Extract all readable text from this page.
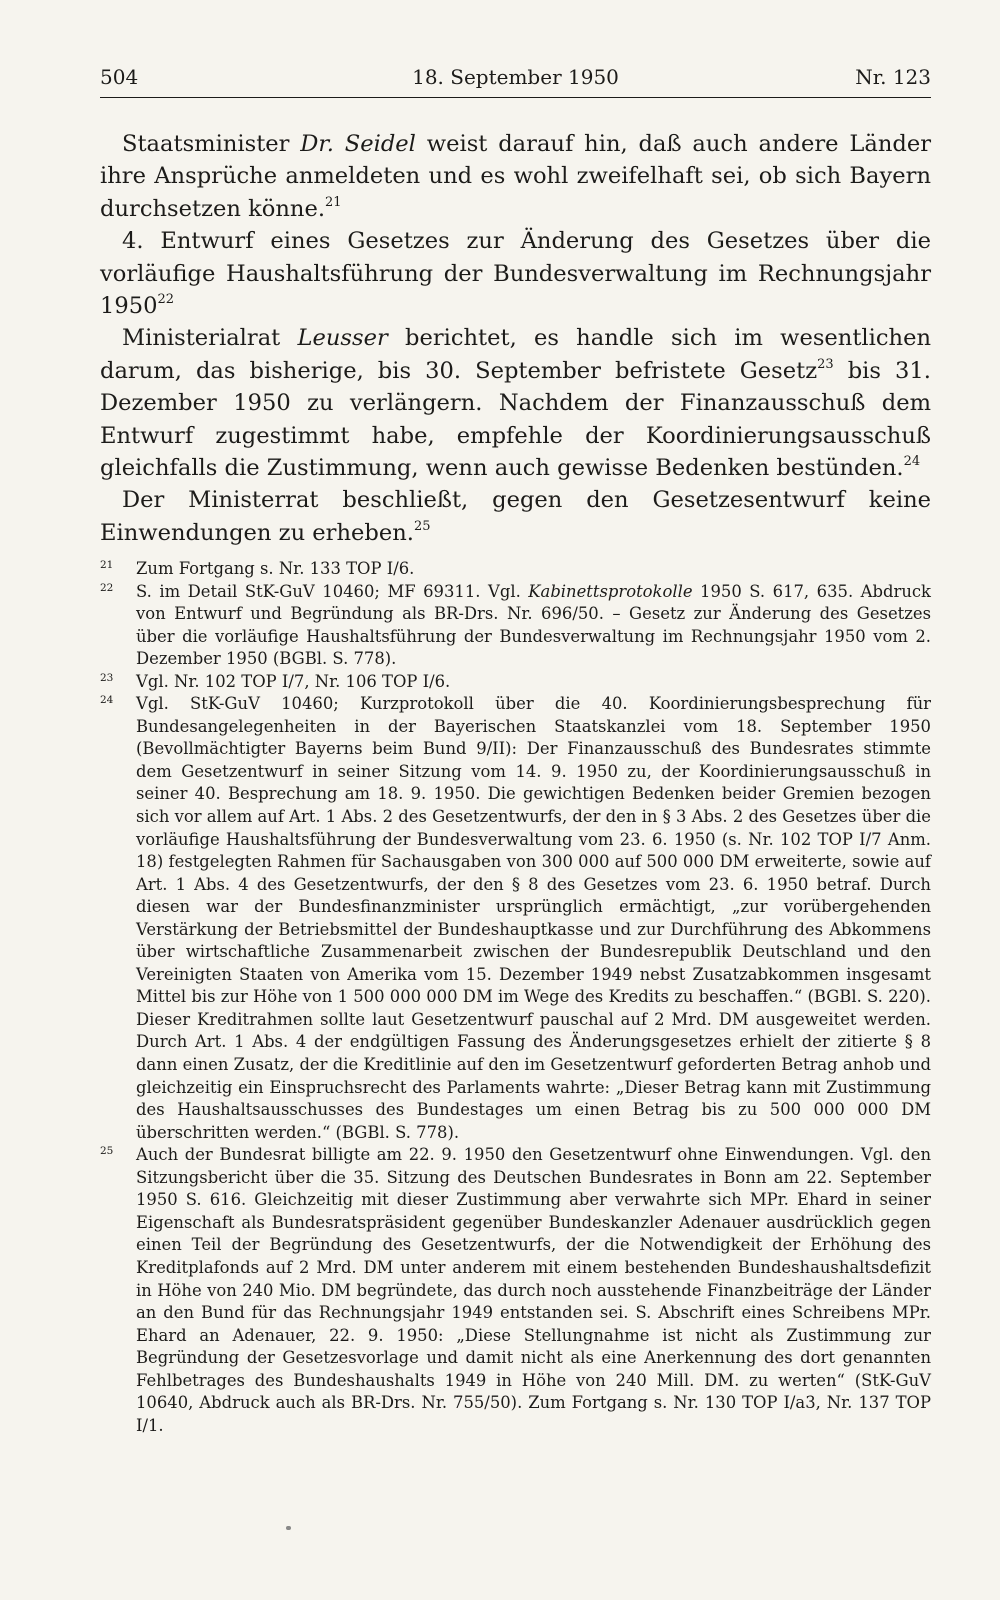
504	18. September 1950	Nr. 123

Staatsminister Dr. Seidel weist darauf hin, daß auch andere Länder ihre Ansprüche anmeldeten und es wohl zweifelhaft sei, ob sich Bayern durchsetzen könne.$^{21}$

4. Entwurf eines Gesetzes zur Änderung des Gesetzes über die vorläufige Haushaltsführung der Bundesverwaltung im Rechnungsjahr 1950$^{22}$

Ministerialrat Leusser berichtet, es handle sich im wesentlichen darum, das bisherige, bis 30. September befristete Gesetz$^{23}$ bis 31. Dezember 1950 zu verlängern. Nachdem der Finanzausschuß dem Entwurf zugestimmt habe, empfehle der Koordinierungsausschuß gleichfalls die Zustimmung, wenn auch gewisse Bedenken bestünden.$^{24}$

Der Ministerrat beschließt, gegen den Gesetzesentwurf keine Einwendungen zu erheben.$^{25}$

21 Zum Fortgang s. Nr. 133 TOP I/6.

22 S. im Detail StK-GuV 10460; MF 69311. Vgl. Kabinettsprotokolle 1950 S. 617, 635. Abdruck von Entwurf und Begründung als BR-Drs. Nr. 696/50. – Gesetz zur Änderung des Gesetzes über die vorläufige Haushaltsführung der Bundesverwaltung im Rechnungsjahr 1950 vom 2. Dezember 1950 (BGBl. S. 778).

23 Vgl. Nr. 102 TOP I/7, Nr. 106 TOP I/6.

24 Vgl. StK-GuV 10460; Kurzprotokoll über die 40. Koordinierungsbesprechung für Bundesangelegenheiten in der Bayerischen Staatskanzlei vom 18. September 1950 (Bevollmächtigter Bayerns beim Bund 9/II): Der Finanzausschuß des Bundesrates stimmte dem Gesetzentwurf in seiner Sitzung vom 14. 9. 1950 zu, der Koordinierungsausschuß in seiner 40. Besprechung am 18. 9. 1950. Die gewichtigen Bedenken beider Gremien bezogen sich vor allem auf Art. 1 Abs. 2 des Gesetzentwurfs, der den in § 3 Abs. 2 des Gesetzes über die vorläufige Haushaltsführung der Bundesverwaltung vom 23. 6. 1950 (s. Nr. 102 TOP I/7 Anm. 18) festgelegten Rahmen für Sachausgaben von 300 000 auf 500 000 DM erweiterte, sowie auf Art. 1 Abs. 4 des Gesetzentwurfs, der den § 8 des Gesetzes vom 23. 6. 1950 betraf. Durch diesen war der Bundesfinanzminister ursprünglich ermächtigt, „zur vorübergehenden Verstärkung der Betriebsmittel der Bundeshauptkasse und zur Durchführung des Abkommens über wirtschaftliche Zusammenarbeit zwischen der Bundesrepublik Deutschland und den Vereinigten Staaten von Amerika vom 15. Dezember 1949 nebst Zusatzabkommen insgesamt Mittel bis zur Höhe von 1 500 000 000 DM im Wege des Kredits zu beschaffen.“ (BGBl. S. 220). Dieser Kreditrahmen sollte laut Gesetzentwurf pauschal auf 2 Mrd. DM ausgeweitet werden. Durch Art. 1 Abs. 4 der endgültigen Fassung des Änderungsgesetzes erhielt der zitierte § 8 dann einen Zusatz, der die Kreditlinie auf den im Gesetzentwurf geforderten Betrag anhob und gleichzeitig ein Einspruchsrecht des Parlaments wahrte: „Dieser Betrag kann mit Zustimmung des Haushaltsausschusses des Bundestages um einen Betrag bis zu 500 000 000 DM überschritten werden.“ (BGBl. S. 778).

25 Auch der Bundesrat billigte am 22. 9. 1950 den Gesetzentwurf ohne Einwendungen. Vgl. den Sitzungsbericht über die 35. Sitzung des Deutschen Bundesrates in Bonn am 22. September 1950 S. 616. Gleichzeitig mit dieser Zustimmung aber verwahrte sich MPr. Ehard in seiner Eigenschaft als Bundesratspräsident gegenüber Bundeskanzler Adenauer ausdrücklich gegen einen Teil der Begründung des Gesetzentwurfs, der die Notwendigkeit der Erhöhung des Kreditplafonds auf 2 Mrd. DM unter anderem mit einem bestehenden Bundeshaushaltsdefizit in Höhe von 240 Mio. DM begründete, das durch noch ausstehende Finanzbeiträge der Länder an den Bund für das Rechnungsjahr 1949 entstanden sei. S. Abschrift eines Schreibens MPr. Ehard an Adenauer, 22. 9. 1950: „Diese Stellungnahme ist nicht als Zustimmung zur Begründung der Gesetzesvorlage und damit nicht als eine Anerkennung des dort genannten Fehlbetrages des Bundeshaushalts 1949 in Höhe von 240 Mill. DM. zu werten“ (StK-GuV 10640, Abdruck auch als BR-Drs. Nr. 755/50). Zum Fortgang s. Nr. 130 TOP I/a3, Nr. 137 TOP I/1.
